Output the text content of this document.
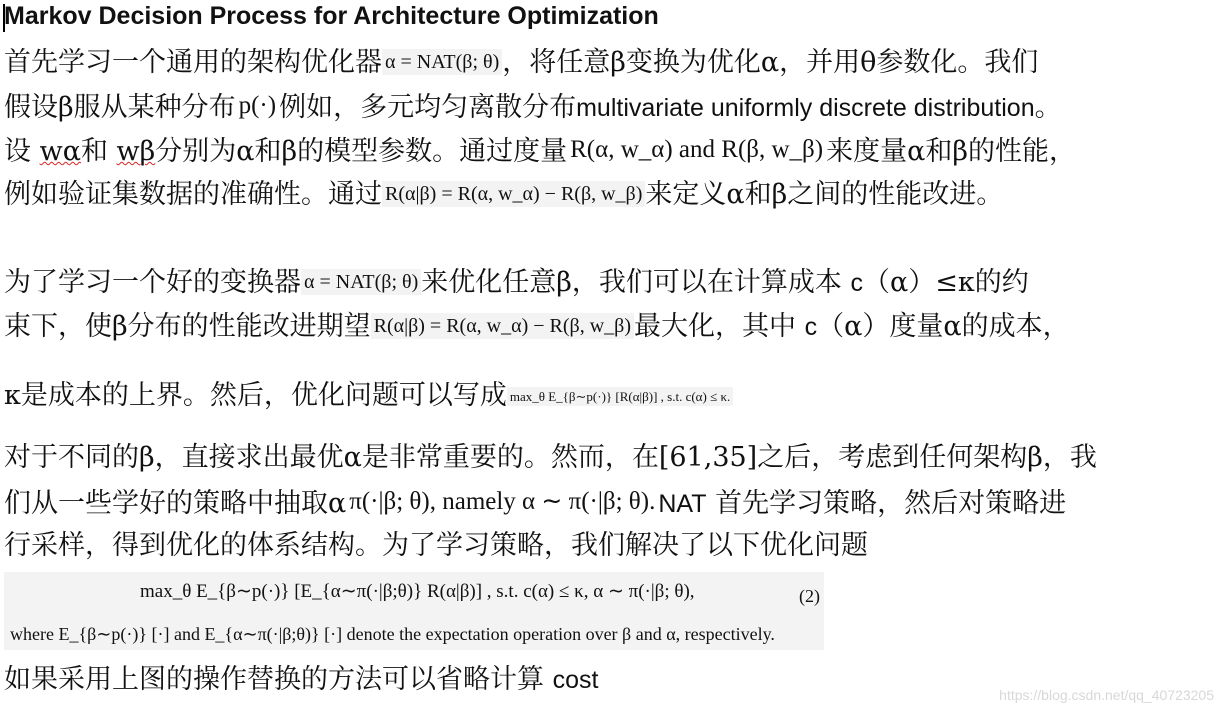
Markov Decision Process for Architecture Optimization
首先学习一个通用的架构优化器 α = NAT(β; θ) ，将任意β变换为优化α，并用θ参数化。我们
假设β服从某种分布 p(·) 例如，多元均匀离散分布multivariate uniformly discrete distribution。
设 wα和 wβ分别为α和β的模型参数。通过度量 R(α, w_α) and R(β, w_β) 来度量α和β的性能，
例如验证集数据的准确性。通过 R(α|β) = R(α, w_α) − R(β, w_β) 来定义α和β之间的性能改进。
为了学习一个好的变换器 α = NAT(β; θ) 来优化任意β，我们可以在计算成本 c（α）≤κ的约
束下，使β分布的性能改进期望 R(α|β) = R(α, w_α) − R(β, w_β) 最大化，其中 c（α）度量α的成本，
κ是成本的上界。然后，优化问题可以写成 max_θ E_{β∼p(·)} [R(α|β)] , s.t. c(α) ≤ κ.
对于不同的β，直接求出最优α是非常重要的。然而，在[61,35]之后，考虑到任何架构β，我
们从一些学好的策略中抽取α π(·|β; θ), namely α ∼ π(·|β; θ). NAT 首先学习策略，然后对策略进
行采样，得到优化的体系结构。为了学习策略，我们解决了以下优化问题
max_θ E_{β∼p(·)} [E_{α∼π(·|β;θ)} R(α|β)] , s.t. c(α) ≤ κ, α ∼ π(·|β; θ),	(2)
where E_{β∼p(·)} [·] and E_{α∼π(·|β;θ)} [·] denote the expectation operation over β and α, respectively.
如果采用上图的操作替换的方法可以省略计算 cost
https://blog.csdn.net/qq_40723205
